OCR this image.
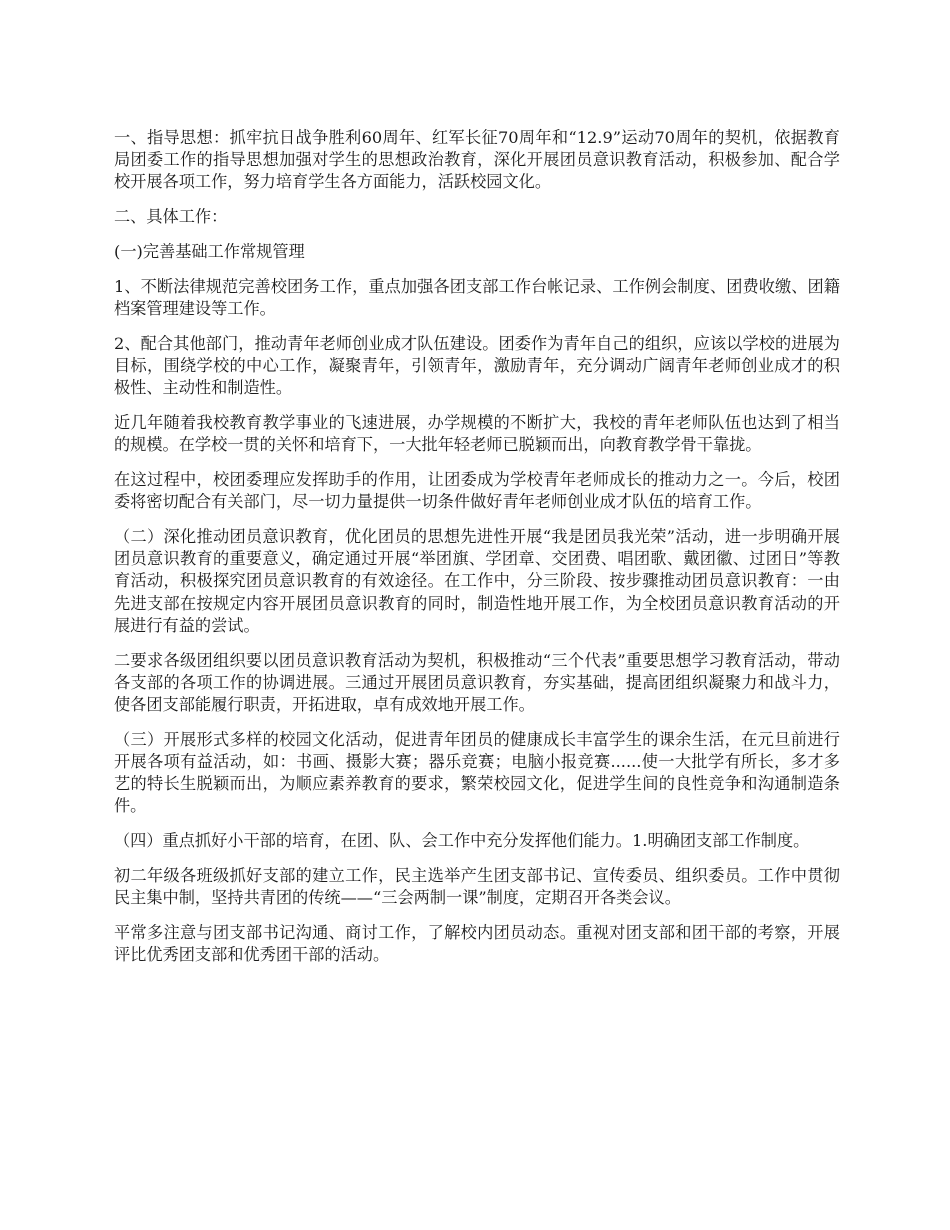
一、指导思想：抓牢抗日战争胜利60周年、红军长征70周年和“12.9”运动70周年的契机，依据教育局团委工作的指导思想加强对学生的思想政治教育，深化开展团员意识教育活动，积极参加、配合学校开展各项工作，努力培育学生各方面能力，活跃校园文化。

二、具体工作：

(一)完善基础工作常规管理

1、不断法律规范完善校团务工作，重点加强各团支部工作台帐记录、工作例会制度、团费收缴、团籍档案管理建设等工作。

2、配合其他部门，推动青年老师创业成才队伍建设。团委作为青年自己的组织，应该以学校的进展为目标，围绕学校的中心工作，凝聚青年，引领青年，激励青年，充分调动广阔青年老师创业成才的积极性、主动性和制造性。

近几年随着我校教育教学事业的飞速进展，办学规模的不断扩大，我校的青年老师队伍也达到了相当的规模。在学校一贯的关怀和培育下，一大批年轻老师已脱颖而出，向教育教学骨干靠拢。

在这过程中，校团委理应发挥助手的作用，让团委成为学校青年老师成长的推动力之一。今后，校团委将密切配合有关部门，尽一切力量提供一切条件做好青年老师创业成才队伍的培育工作。

（二）深化推动团员意识教育，优化团员的思想先进性开展“我是团员我光荣”活动，进一步明确开展团员意识教育的重要意义，确定通过开展“举团旗、学团章、交团费、唱团歌、戴团徽、过团日”等教育活动，积极探究团员意识教育的有效途径。在工作中，分三阶段、按步骤推动团员意识教育：一由先进支部在按规定内容开展团员意识教育的同时，制造性地开展工作，为全校团员意识教育活动的开展进行有益的尝试。

二要求各级团组织要以团员意识教育活动为契机，积极推动“三个代表”重要思想学习教育活动，带动各支部的各项工作的协调进展。三通过开展团员意识教育，夯实基础，提高团组织凝聚力和战斗力，使各团支部能履行职责，开拓进取，卓有成效地开展工作。

（三）开展形式多样的校园文化活动，促进青年团员的健康成长丰富学生的课余生活，在元旦前进行开展各项有益活动，如：书画、摄影大赛；器乐竞赛；电脑小报竞赛......使一大批学有所长，多才多艺的特长生脱颖而出，为顺应素养教育的要求，繁荣校园文化，促进学生间的良性竞争和沟通制造条件。

（四）重点抓好小干部的培育，在团、队、会工作中充分发挥他们能力。1.明确团支部工作制度。

初二年级各班级抓好支部的建立工作，民主选举产生团支部书记、宣传委员、组织委员。工作中贯彻民主集中制，坚持共青团的传统——“三会两制一课”制度，定期召开各类会议。

平常多注意与团支部书记沟通、商讨工作，了解校内团员动态。重视对团支部和团干部的考察，开展评比优秀团支部和优秀团干部的活动。
